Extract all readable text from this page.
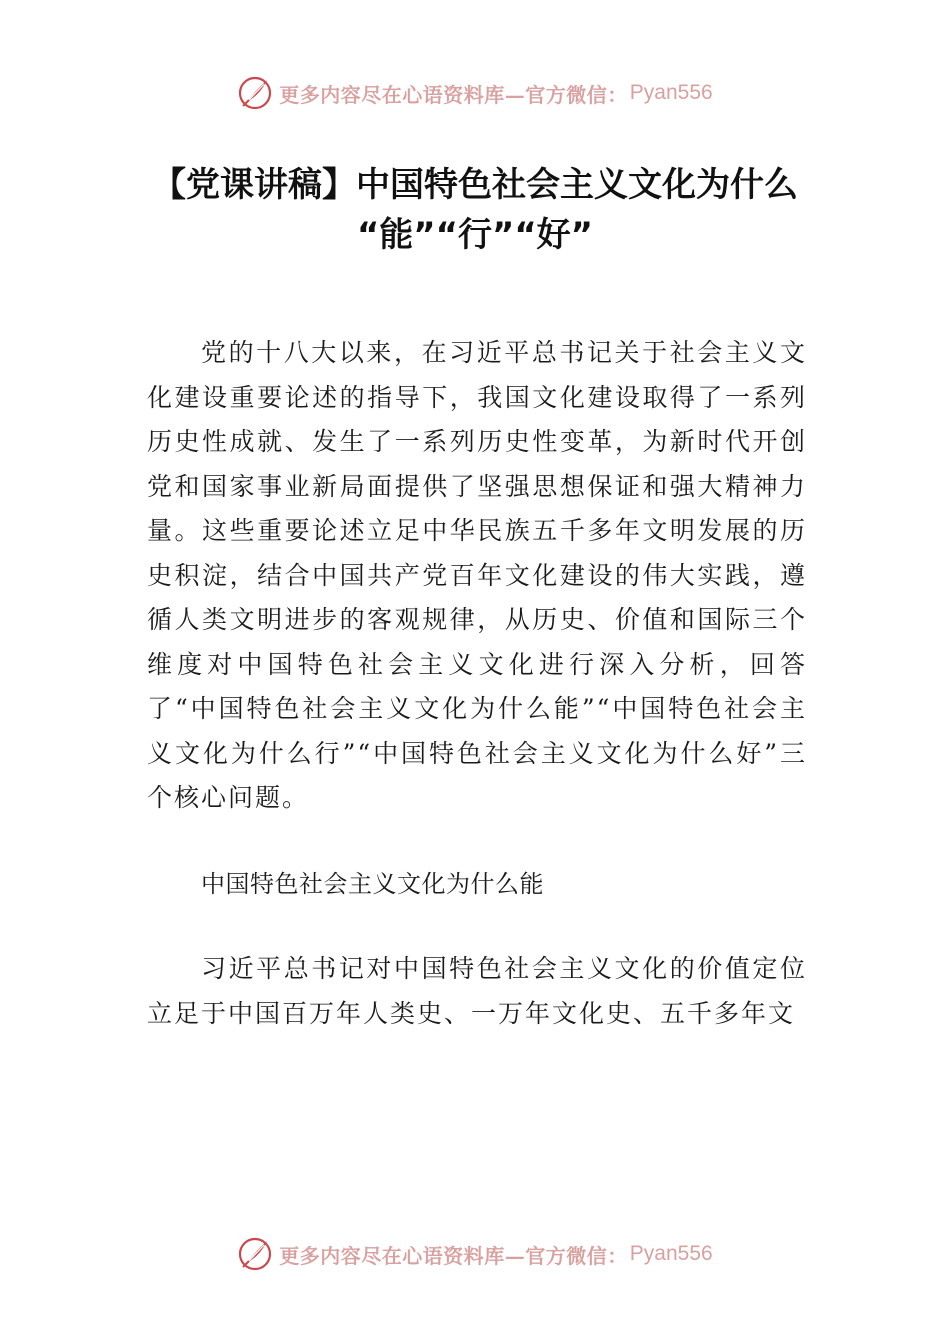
更多内容尽在心语资料库—官方微信： Pyan556
【党课讲稿】中国特色社会主义文化为什么
“能”“行”“好”

党的十八大以来，在习近平总书记关于社会主义文化建设重要论述的指导下，我国文化建设取得了一系列历史性成就、发生了一系列历史性变革，为新时代开创党和国家事业新局面提供了坚强思想保证和强大精神力量。这些重要论述立足中华民族五千多年文明发展的历史积淀，结合中国共产党百年文化建设的伟大实践，遵循人类文明进步的客观规律，从历史、价值和国际三个维度对中国特色社会主义文化进行深入分析，回答了“中国特色社会主义文化为什么能”“中国特色社会主义文化为什么行”“中国特色社会主义文化为什么好”三个核心问题。

中国特色社会主义文化为什么能

习近平总书记对中国特色社会主义文化的价值定位立足于中国百万年人类史、一万年文化史、五千多年文

更多内容尽在心语资料库—官方微信： Pyan556
